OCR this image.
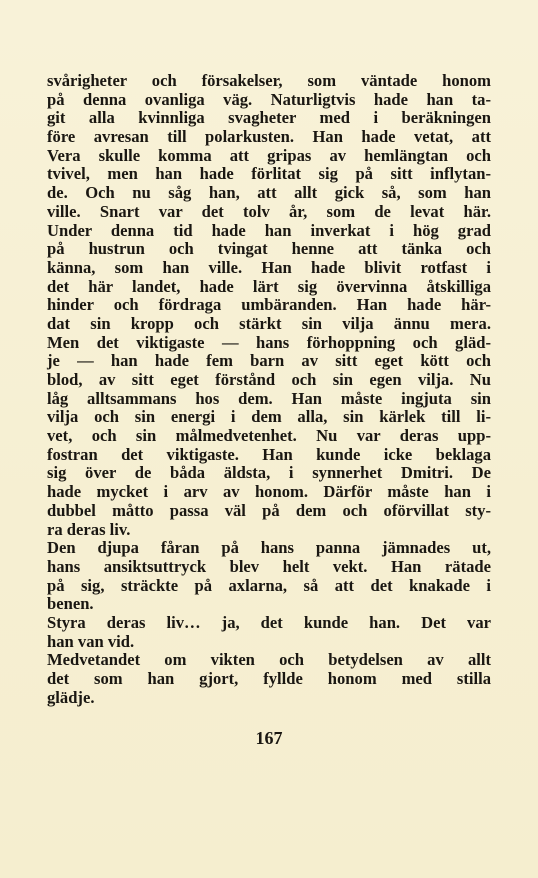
svårigheter och försakelser, som väntade honom
på denna ovanliga väg. Naturligtvis hade han ta-
git alla kvinnliga svagheter med i beräkningen
före avresan till polarkusten. Han hade vetat, att
Vera skulle komma att gripas av hemlängtan och
tvivel, men han hade förlitat sig på sitt inflytan-
de. Och nu såg han, att allt gick så, som han
ville. Snart var det tolv år, som de levat här.
Under denna tid hade han inverkat i hög grad
på hustrun och tvingat henne att tänka och
känna, som han ville. Han hade blivit rotfast i
det här landet, hade lärt sig övervinna åtskilliga
hinder och fördraga umbäranden. Han hade här-
dat sin kropp och stärkt sin vilja ännu mera.
Men det viktigaste — hans förhoppning och gläd-
je — han hade fem barn av sitt eget kött och
blod, av sitt eget förstånd och sin egen vilja. Nu
låg alltsammans hos dem. Han måste ingjuta sin
vilja och sin energi i dem alla, sin kärlek till li-
vet, och sin målmedvetenhet. Nu var deras upp-
fostran det viktigaste. Han kunde icke beklaga
sig över de båda äldsta, i synnerhet Dmitri. De
hade mycket i arv av honom. Därför måste han i
dubbel måtto passa väl på dem och oförvillat sty-
ra deras liv.
Den djupa fåran på hans panna jämnades ut,
hans ansiktsuttryck blev helt vekt. Han rätade
på sig, sträckte på axlarna, så att det knakade i
benen.
Styra deras liv… ja, det kunde han. Det var
han van vid.
Medvetandet om vikten och betydelsen av allt
det som han gjort, fyllde honom med stilla
glädje.
167
